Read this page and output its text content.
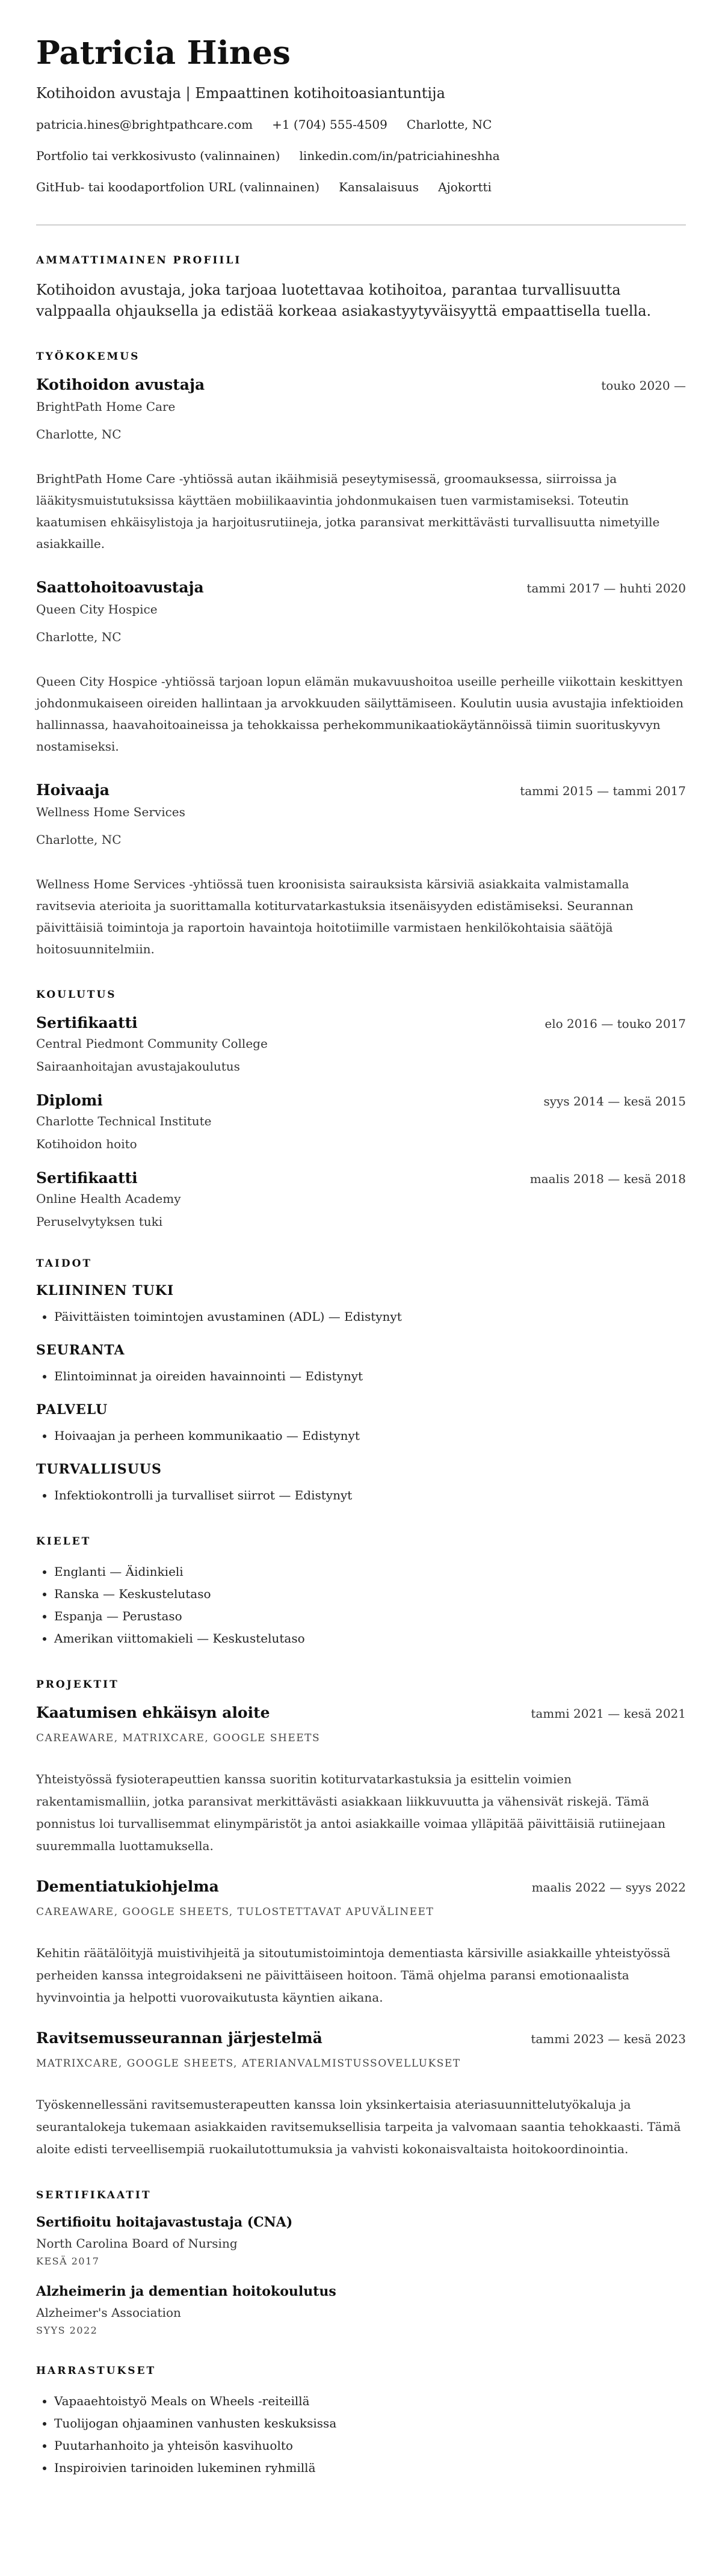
Patricia Hines
Kotihoidon avustaja | Empaattinen kotihoitoasiantuntija
patricia.hines@brightpathcare.com +1 (704) 555-4509 Charlotte, NC
Portfolio tai verkkosivusto (valinnainen) linkedin.com/in/patriciahineshha
GitHub- tai koodaportfolion URL (valinnainen) Kansalaisuus Ajokortti
AMMATTIMAINEN PROFIILI

Kotihoidon avustaja, joka tarjoaa luotettavaa kotihoitoa, parantaa turvallisuutta valppaalla ohjauksella ja edistää korkeaa asiakastyytyväisyyttä empaattisella tuella.

TYÖKOKEMUS
Kotihoidon avustaja	touko 2020 —
BrightPath Home Care
Charlotte, NC
BrightPath Home Care -yhtiössä autan ikäihmisiä peseytymisessä, groomauksessa, siirroissa ja lääkitysmuistutuksissa käyttäen mobiilikaavintia johdonmukaisen tuen varmistamiseksi. Toteutin kaatumisen ehkäisylistoja ja harjoitusrutiineja, jotka paransivat merkittävästi turvallisuutta nimetyille asiakkaille.
Saattohoitoavustaja	tammi 2017 — huhti 2020
Queen City Hospice
Charlotte, NC
Queen City Hospice -yhtiössä tarjoan lopun elämän mukavuushoitoa useille perheille viikottain keskittyen johdonmukaiseen oireiden hallintaan ja arvokkuuden säilyttämiseen. Koulutin uusia avustajia infektioiden hallinnassa, haavahoitoaineissa ja tehokkaissa perhekommunikaatiokäytännöissä tiimin suorituskyvyn nostamiseksi.
Hoivaaja	tammi 2015 — tammi 2017
Wellness Home Services
Charlotte, NC
Wellness Home Services -yhtiössä tuen kroonisista sairauksista kärsiviä asiakkaita valmistamalla ravitsevia aterioita ja suorittamalla kotiturvatarkastuksia itsenäisyyden edistämiseksi. Seurannan päivittäisiä toimintoja ja raportoin havaintoja hoitotiimille varmistaen henkilökohtaisia säätöjä hoitosuunnitelmiin.
KOULUTUS
Sertifikaatti	elo 2016 — touko 2017
Central Piedmont Community College
Sairaanhoitajan avustajakoulutus
Diplomi	syys 2014 — kesä 2015
Charlotte Technical Institute
Kotihoidon hoito
Sertifikaatti	maalis 2018 — kesä 2018
Online Health Academy
Peruselvytyksen tuki
TAIDOT
KLIININEN TUKI
• Päivittäisten toimintojen avustaminen (ADL) — Edistynyt
SEURANTA
• Elintoiminnat ja oireiden havainnointi — Edistynyt
PALVELU
• Hoivaajan ja perheen kommunikaatio — Edistynyt
TURVALLISUUS
• Infektiokontrolli ja turvalliset siirrot — Edistynyt
KIELET
• Englanti — Äidinkieli
• Ranska — Keskustelutaso
• Espanja — Perustaso
• Amerikan viittomakieli — Keskustelutaso
PROJEKTIT
Kaatumisen ehkäisyn aloite	tammi 2021 — kesä 2021
CAREAWARE, MATRIXCARE, GOOGLE SHEETS
Yhteistyössä fysioterapeuttien kanssa suoritin kotiturvatarkastuksia ja esittelin voimien rakentamismalliin, jotka paransivat merkittävästi asiakkaan liikkuvuutta ja vähensivät riskejä. Tämä ponnistus loi turvallisemmat elinympäristöt ja antoi asiakkaille voimaa ylläpitää päivittäisiä rutiinejaan suuremmalla luottamuksella.
Dementiatukiohjelma	maalis 2022 — syys 2022
CAREAWARE, GOOGLE SHEETS, TULOSTETTAVAT APUVÄLINEET
Kehitin räätälöityjä muistivihjeitä ja sitoutumistoimintoja dementiasta kärsiville asiakkaille yhteistyössä perheiden kanssa integroidakseni ne päivittäiseen hoitoon. Tämä ohjelma paransi emotionaalista hyvinvointia ja helpotti vuorovaikutusta käyntien aikana.
Ravitsemusseurannan järjestelmä	tammi 2023 — kesä 2023
MATRIXCARE, GOOGLE SHEETS, ATERIANVALMISTUSSOVELLUKSET
Työskennellessäni ravitsemusterapeutten kanssa loin yksinkertaisia ateriasuunnittelutyökaluja ja seurantalokeja tukemaan asiakkaiden ravitsemuksellisia tarpeita ja valvomaan saantia tehokkaasti. Tämä aloite edisti terveellisempiä ruokailutottumuksia ja vahvisti kokonaisvaltaista hoitokoordinointia.
SERTIFIKAATIT
Sertifioitu hoitajavastustaja (CNA)
North Carolina Board of Nursing
KESÄ 2017
Alzheimerin ja dementian hoitokoulutus
Alzheimer's Association
SYYS 2022
HARRASTUKSET
• Vapaaehtoistyö Meals on Wheels -reiteillä
• Tuolijogan ohjaaminen vanhusten keskuksissa
• Puutarhanhoito ja yhteisön kasvihuolto
• Inspiroivien tarinoiden lukeminen ryhmillä
